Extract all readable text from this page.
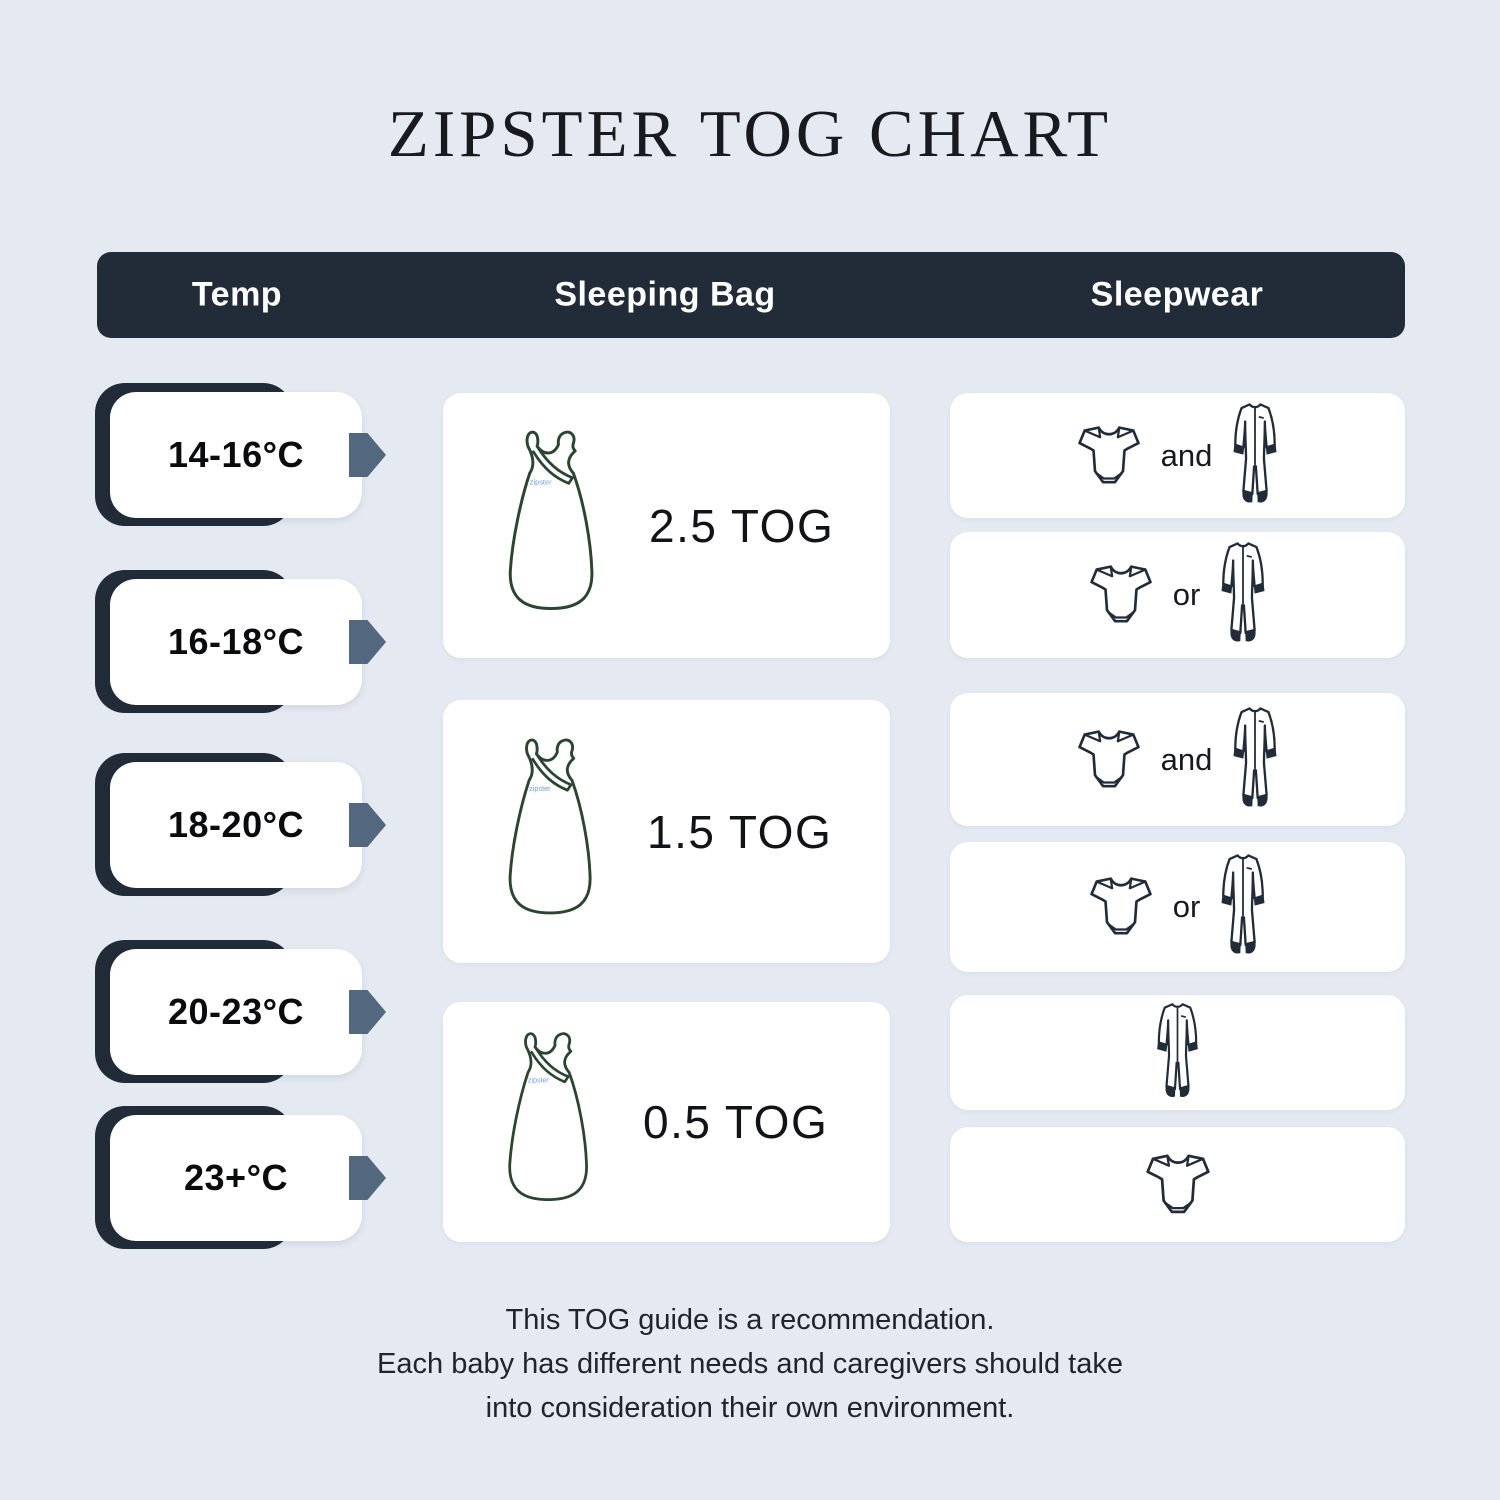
ZIPSTER TOG CHART
Temp	Sleeping Bag	Sleepwear
14-16°C
16-18°C
18-20°C
20-23°C
23+°C
zipster
2.5 TOG
zipster
1.5 TOG
zipster
0.5 TOG
and
or
and
or
This TOG guide is a recommendation.
Each baby has different needs and caregivers should take
into consideration their own environment.
